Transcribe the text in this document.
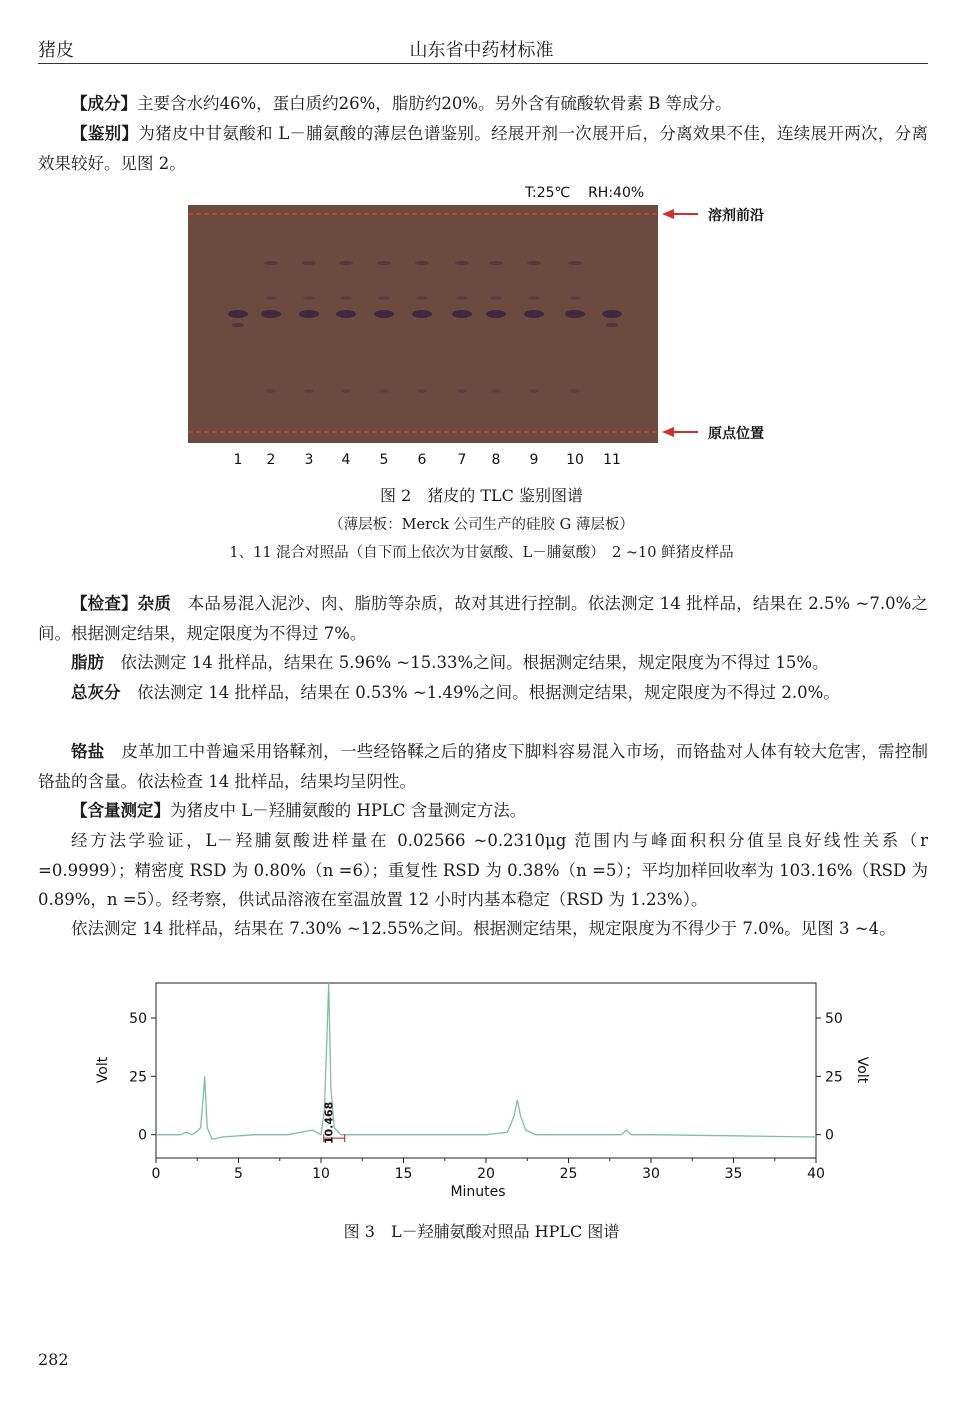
猪皮	山东省中药材标准
【成分】主要含水约46%，蛋白质约26%，脂肪约20%。另外含有硫酸软骨素 B 等成分。
【鉴别】为猪皮中甘氨酸和 L－脯氨酸的薄层色谱鉴别。经展开剂一次展开后，分离效果不佳，连续展开两次，分离效果较好。见图 2。
T:25℃    RH:40%
溶剂前沿
原点位置
1 2 3 4 5 6 7 8 9 10 11
图 2　猪皮的 TLC 鉴别图谱
（薄层板：Merck 公司生产的硅胶 G 薄层板）
1、11 混合对照品（自下而上依次为甘氨酸、L－脯氨酸）　2 ~10 鲜猪皮样品
【检查】杂质　 本品易混入泥沙、肉、脂肪等杂质，故对其进行控制。依法测定 14 批样品，结果在 2.5% ~7.0%之间。根据测定结果，规定限度为不得过 7%。
脂肪　 依法测定 14 批样品，结果在 5.96% ~15.33%之间。根据测定结果，规定限度为不得过 15%。
总灰分　 依法测定 14 批样品，结果在 0.53% ~1.49%之间。根据测定结果，规定限度为不得过 2.0%。
铬盐　 皮革加工中普遍采用铬鞣剂，一些经铬鞣之后的猪皮下脚料容易混入市场，而铬盐对人体有较大危害，需控制铬盐的含量。依法检查 14 批样品，结果均呈阴性。
【含量测定】为猪皮中 L－羟脯氨酸的 HPLC 含量测定方法。
经方法学验证，L－羟脯氨酸进样量在 0.02566 ~0.2310μg 范围内与峰面积积分值呈良好线性关系（r =0.9999）；精密度 RSD 为 0.80%（n =6）；重复性 RSD 为 0.38%（n =5）；平均加样回收率为 103.16%（RSD 为 0.89%，n =5）。经考察，供试品溶液在室温放置 12 小时内基本稳定（RSD 为 1.23%）。
依法测定 14 批样品，结果在 7.30% ~12.55%之间。根据测定结果，规定限度为不得少于 7.0%。见图 3 ~4。
0	5	10	15	20	25	30	35	40
0	0
25	25
50	50
Volt	Volt
Minutes
10.468
图 3　L－羟脯氨酸对照品 HPLC 图谱
282
